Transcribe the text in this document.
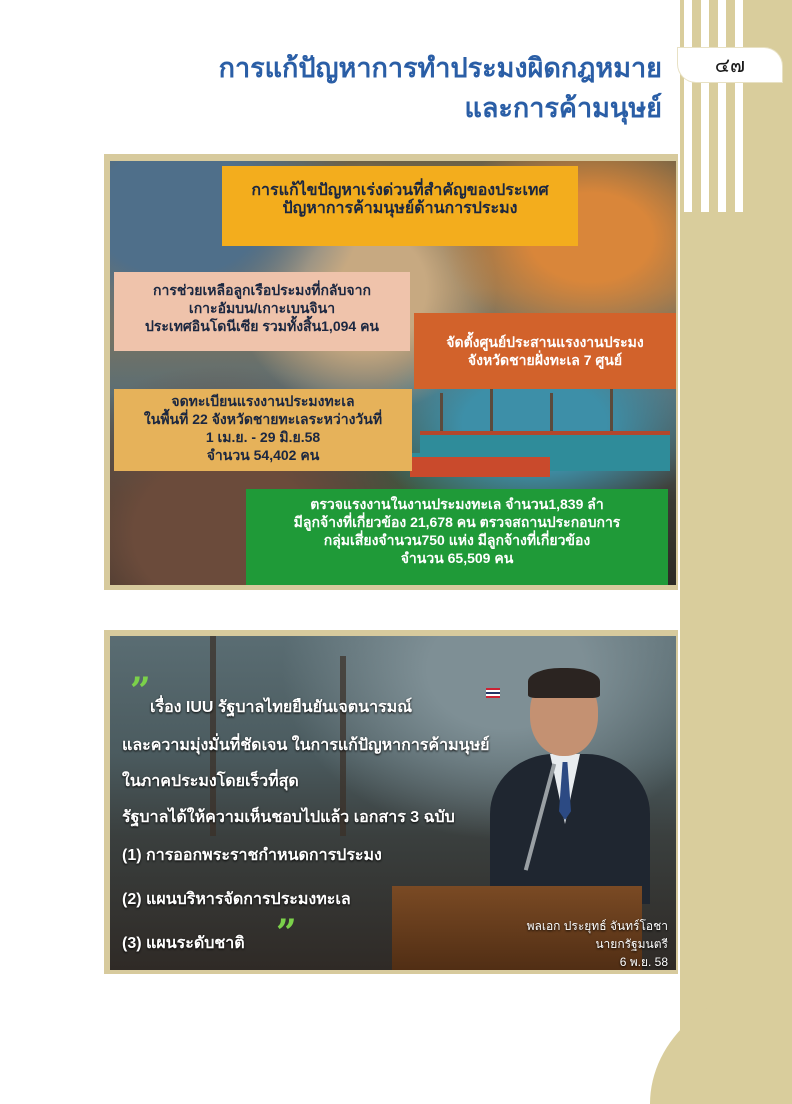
๔๗
การแก้ปัญหาการทำประมงผิดกฎหมาย
และการค้ามนุษย์
การแก้ไขปัญหาเร่งด่วนที่สำคัญของประเทศ
ปัญหาการค้ามนุษย์ด้านการประมง
การช่วยเหลือลูกเรือประมงที่กลับจาก
เกาะอัมบน/เกาะเบนจินา
ประเทศอินโดนีเซีย รวมทั้งสิ้น1,094 คน
จัดตั้งศูนย์ประสานแรงงานประมง
จังหวัดชายฝั่งทะเล 7 ศูนย์
จดทะเบียนแรงงานประมงทะเล
ในพื้นที่ 22 จังหวัดชายทะเลระหว่างวันที่
1 เม.ย. - 29 มิ.ย.58
จำนวน 54,402 คน
ตรวจแรงงานในงานประมงทะเล จำนวน1,839 ลำ
มีลูกจ้างที่เกี่ยวข้อง 21,678 คน ตรวจสถานประกอบการ
กลุ่มเสี่ยงจำนวน750 แห่ง มีลูกจ้างที่เกี่ยวข้อง
จำนวน 65,509 คน
” เรื่อง IUU รัฐบาลไทยยืนยันเจตนารมณ์
และความมุ่งมั่นที่ชัดเจน ในการแก้ปัญหาการค้ามนุษย์
ในภาคประมงโดยเร็วที่สุด
รัฐบาลได้ให้ความเห็นชอบไปแล้ว เอกสาร 3 ฉบับ
(1) การออกพระราชกำหนดการประมง
(2) แผนบริหารจัดการประมงทะเล
(3) แผนระดับชาติ ”	พลเอก ประยุทธ์ จันทร์โอชา
นายกรัฐมนตรี
6 พ.ย. 58
